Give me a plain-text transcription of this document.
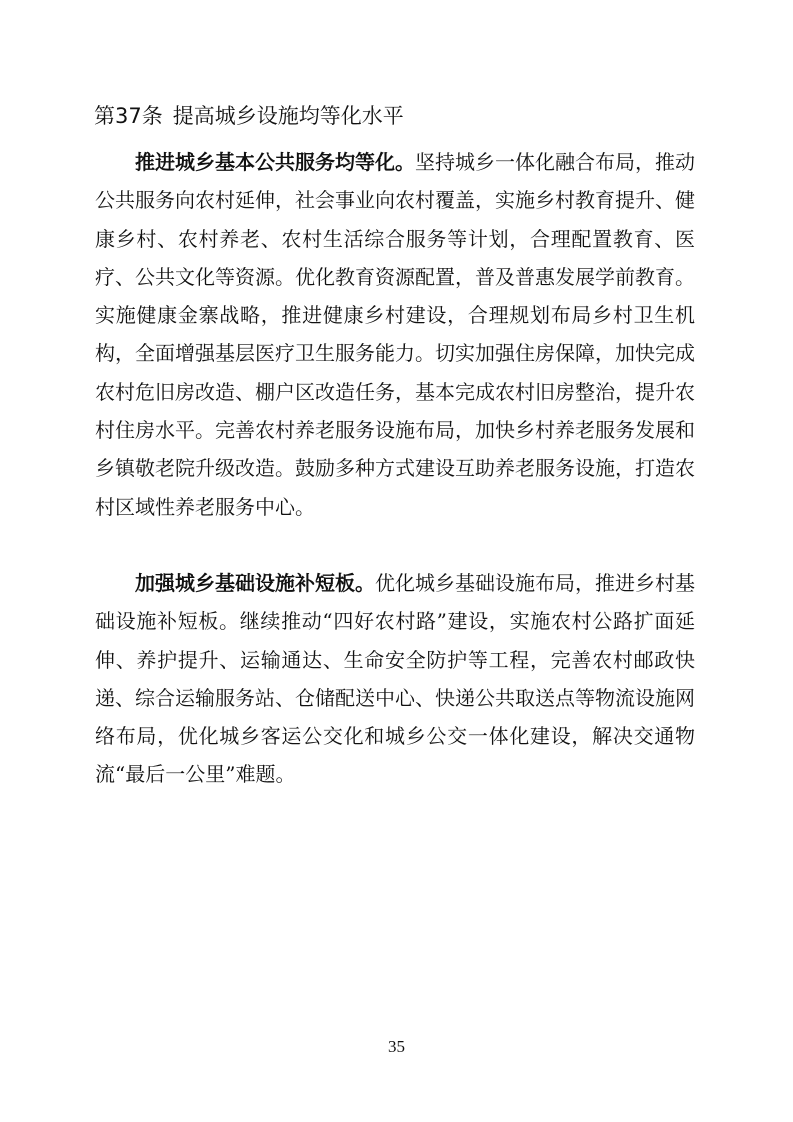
第37条 提高城乡设施均等化水平

推进城乡基本公共服务均等化。坚持城乡一体化融合布局，推动公共服务向农村延伸，社会事业向农村覆盖，实施乡村教育提升、健康乡村、农村养老、农村生活综合服务等计划，合理配置教育、医疗、公共文化等资源。优化教育资源配置，普及普惠发展学前教育。实施健康金寨战略，推进健康乡村建设，合理规划布局乡村卫生机构，全面增强基层医疗卫生服务能力。切实加强住房保障，加快完成农村危旧房改造、棚户区改造任务，基本完成农村旧房整治，提升农村住房水平。完善农村养老服务设施布局，加快乡村养老服务发展和乡镇敬老院升级改造。鼓励多种方式建设互助养老服务设施，打造农村区域性养老服务中心。

加强城乡基础设施补短板。优化城乡基础设施布局，推进乡村基础设施补短板。继续推动“四好农村路”建设，实施农村公路扩面延伸、养护提升、运输通达、生命安全防护等工程，完善农村邮政快递、综合运输服务站、仓储配送中心、快递公共取送点等物流设施网络布局，优化城乡客运公交化和城乡公交一体化建设，解决交通物流“最后一公里”难题。

35
